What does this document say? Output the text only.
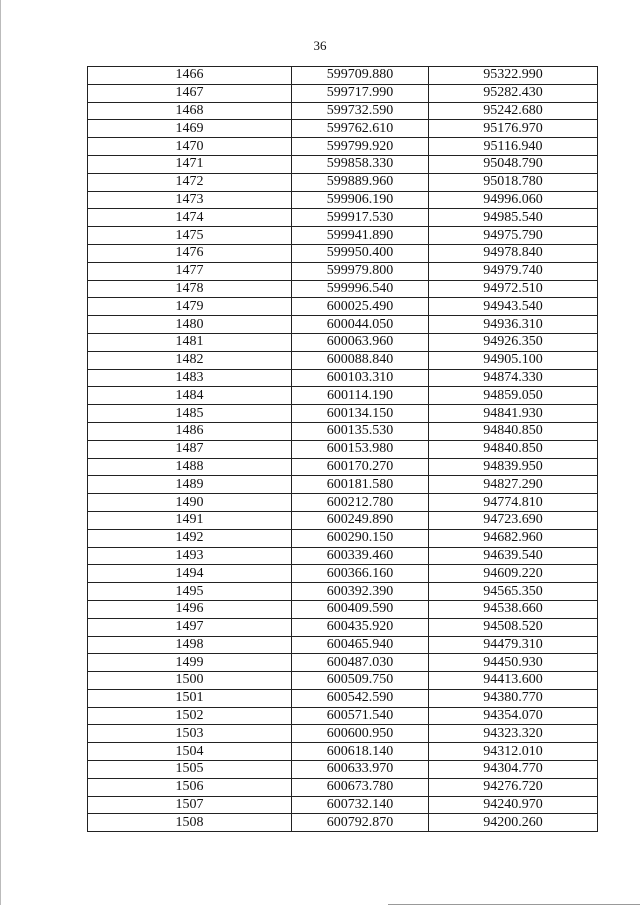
36
1466	599709.880	95322.990
1467	599717.990	95282.430
1468	599732.590	95242.680
1469	599762.610	95176.970
1470	599799.920	95116.940
1471	599858.330	95048.790
1472	599889.960	95018.780
1473	599906.190	94996.060
1474	599917.530	94985.540
1475	599941.890	94975.790
1476	599950.400	94978.840
1477	599979.800	94979.740
1478	599996.540	94972.510
1479	600025.490	94943.540
1480	600044.050	94936.310
1481	600063.960	94926.350
1482	600088.840	94905.100
1483	600103.310	94874.330
1484	600114.190	94859.050
1485	600134.150	94841.930
1486	600135.530	94840.850
1487	600153.980	94840.850
1488	600170.270	94839.950
1489	600181.580	94827.290
1490	600212.780	94774.810
1491	600249.890	94723.690
1492	600290.150	94682.960
1493	600339.460	94639.540
1494	600366.160	94609.220
1495	600392.390	94565.350
1496	600409.590	94538.660
1497	600435.920	94508.520
1498	600465.940	94479.310
1499	600487.030	94450.930
1500	600509.750	94413.600
1501	600542.590	94380.770
1502	600571.540	94354.070
1503	600600.950	94323.320
1504	600618.140	94312.010
1505	600633.970	94304.770
1506	600673.780	94276.720
1507	600732.140	94240.970
1508	600792.870	94200.260
